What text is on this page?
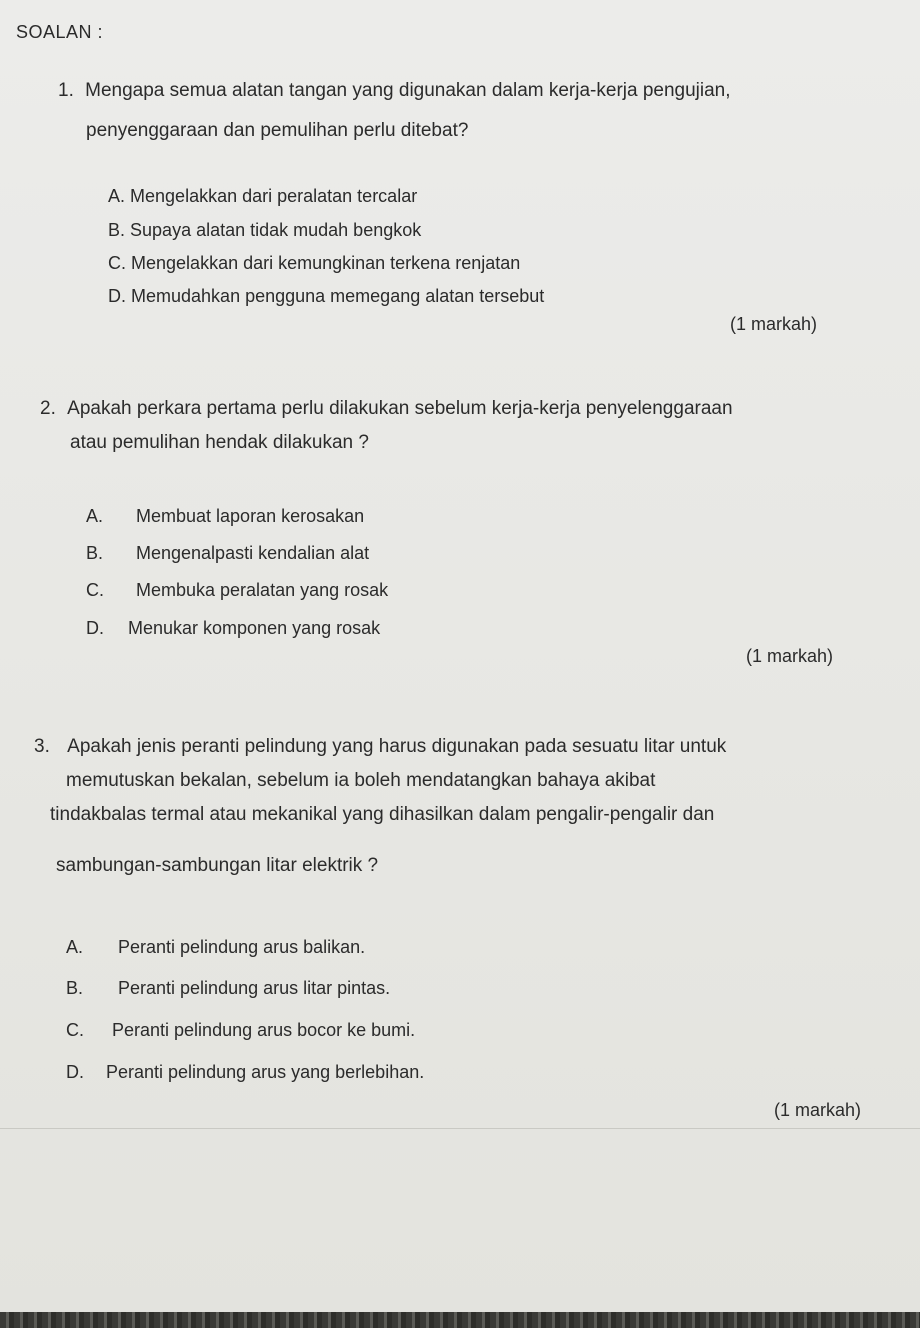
SOALAN :
1. Mengapa semua alatan tangan yang digunakan dalam kerja-kerja pengujian,
penyenggaraan dan pemulihan perlu ditebat?
A. Mengelakkan dari peralatan tercalar
B. Supaya alatan tidak mudah bengkok
C. Mengelakkan dari kemungkinan terkena renjatan
D. Memudahkan pengguna memegang alatan tersebut
(1 markah)
2. Apakah perkara pertama perlu dilakukan sebelum kerja-kerja penyelenggaraan
atau pemulihan hendak dilakukan ?
A. Membuat laporan kerosakan
B. Mengenalpasti kendalian alat
C. Membuka peralatan yang rosak
D. Menukar komponen yang rosak
(1 markah)
3. Apakah jenis peranti pelindung yang harus digunakan pada sesuatu litar untuk
memutuskan bekalan, sebelum ia boleh mendatangkan bahaya akibat
tindakbalas termal atau mekanikal yang dihasilkan dalam pengalir-pengalir dan
sambungan-sambungan litar elektrik ?
A. Peranti pelindung arus balikan.
B. Peranti pelindung arus litar pintas.
C. Peranti pelindung arus bocor ke bumi.
D. Peranti pelindung arus yang berlebihan.
(1 markah)
